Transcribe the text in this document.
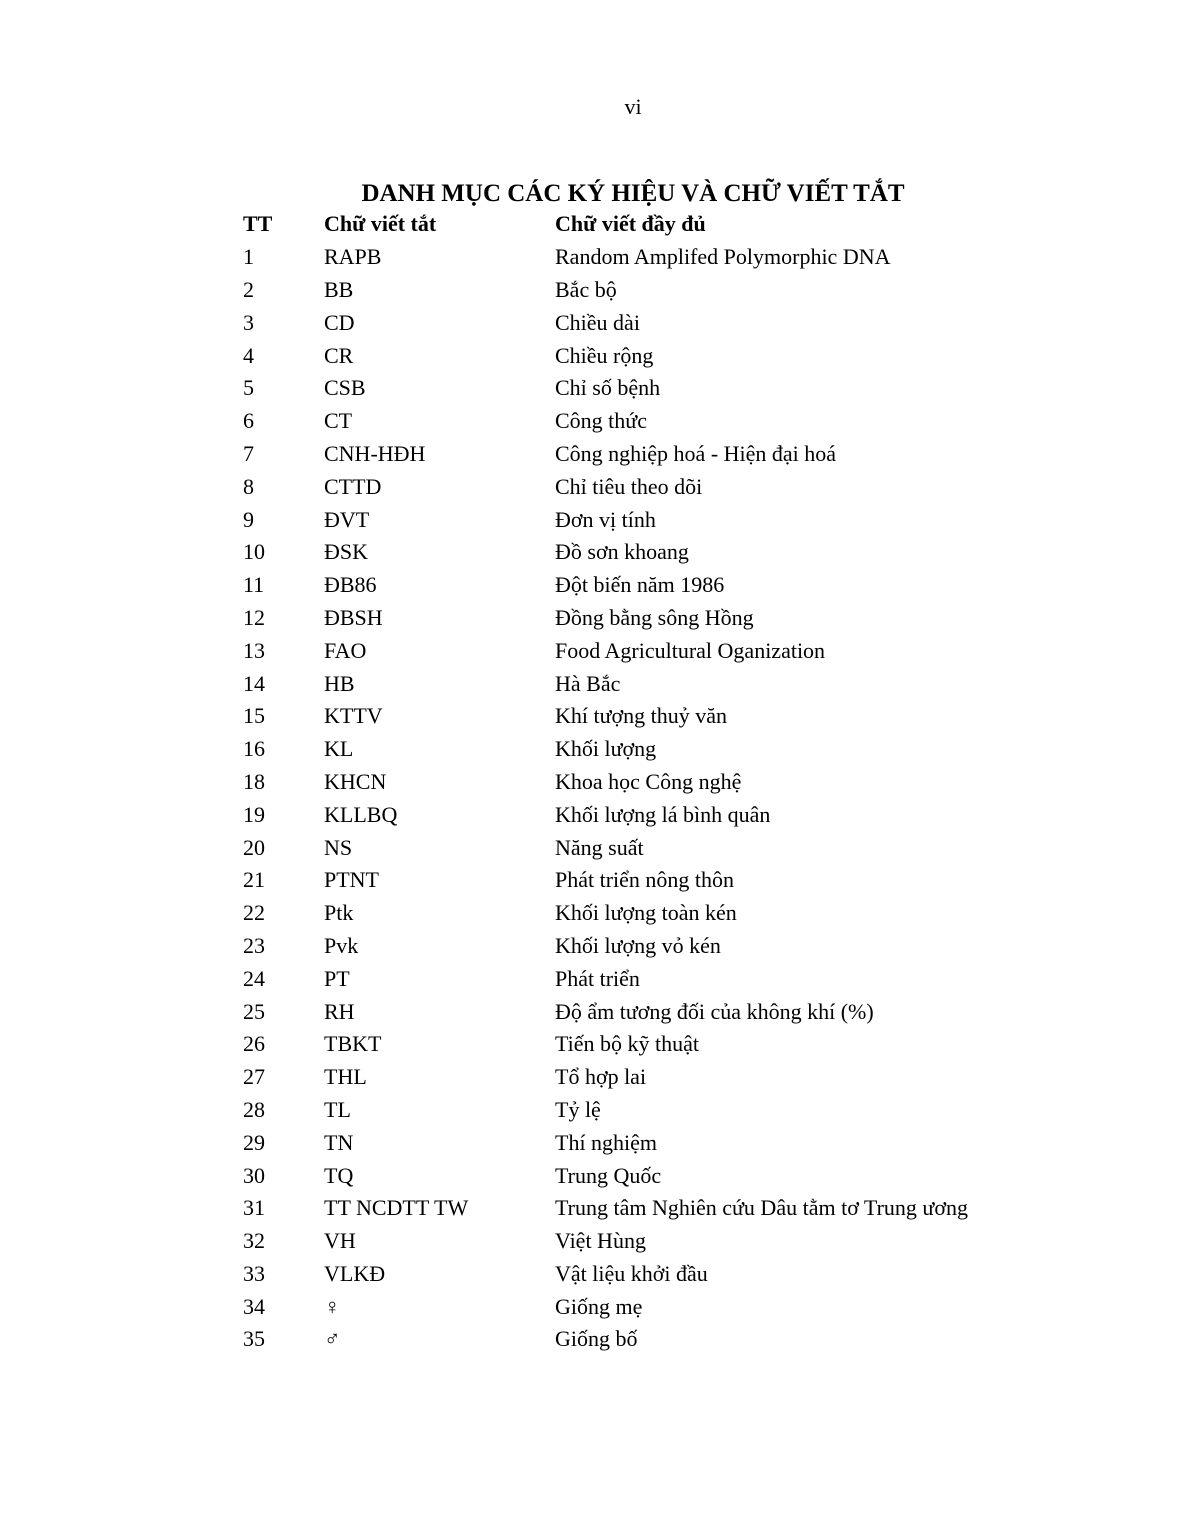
vi
DANH MỤC CÁC KÝ HIỆU VÀ CHỮ VIẾT TẮT
TT	Chữ viết tắt	Chữ viết đầy đủ
1	RAPB	Random Amplifed Polymorphic DNA
2	BB	Bắc bộ
3	CD	Chiều dài
4	CR	Chiều rộng
5	CSB	Chỉ số bệnh
6	CT	Công thức
7	CNH-HĐH	Công nghiệp hoá - Hiện đại hoá
8	CTTD	Chỉ tiêu theo dõi
9	ĐVT	Đơn vị tính
10	ĐSK	Đồ sơn khoang
11	ĐB86	Đột biến năm 1986
12	ĐBSH	Đồng bằng sông Hồng
13	FAO	Food Agricultural Oganization
14	HB	Hà Bắc
15	KTTV	Khí tượng thuỷ văn
16	KL	Khối lượng
18	KHCN	Khoa học Công nghệ
19	KLLBQ	Khối lượng lá bình quân
20	NS	Năng suất
21	PTNT	Phát triển nông thôn
22	Ptk	Khối lượng toàn kén
23	Pvk	Khối lượng vỏ kén
24	PT	Phát triển
25	RH	Độ ẩm tương đối của không khí (%)
26	TBKT	Tiến bộ kỹ thuật
27	THL	Tổ hợp lai
28	TL	Tỷ lệ
29	TN	Thí nghiệm
30	TQ	Trung Quốc
31	TT NCDTT TW	Trung tâm Nghiên cứu Dâu tằm tơ Trung ương
32	VH	Việt Hùng
33	VLKĐ	Vật liệu khởi đầu
34	♀	Giống mẹ
35	♂	Giống bố
